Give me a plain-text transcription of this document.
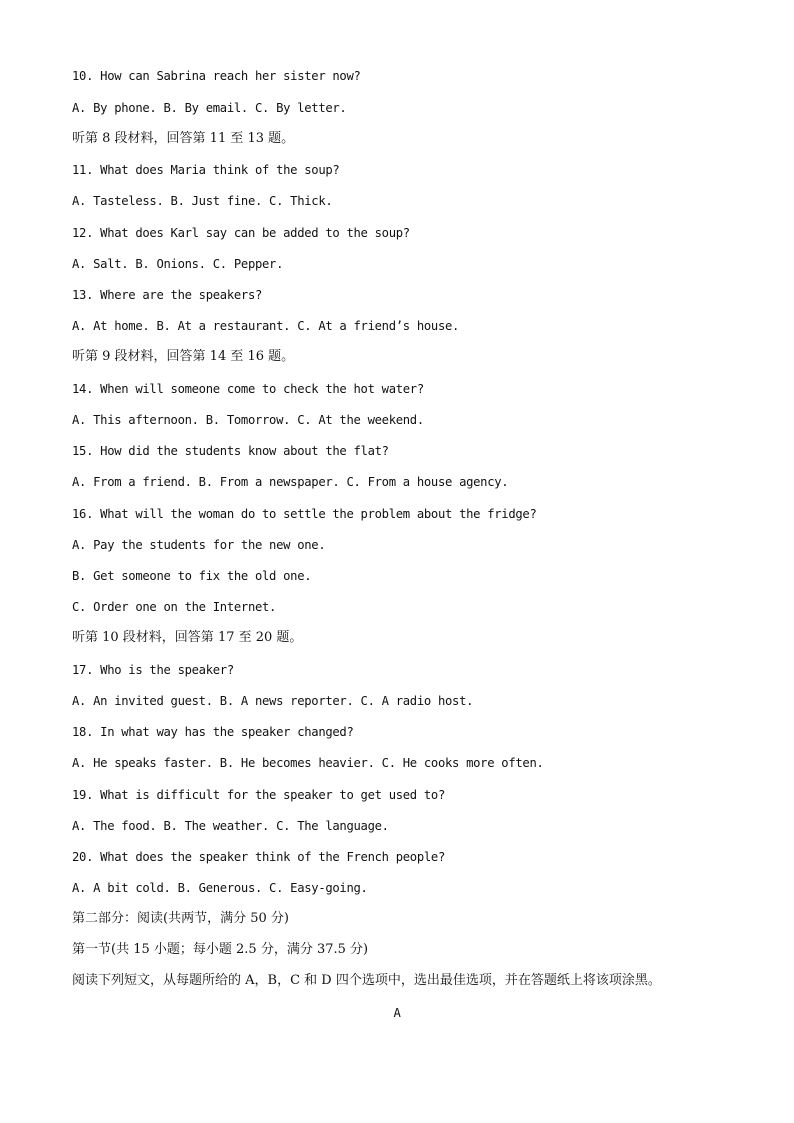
10. How can Sabrina reach her sister now?
A. By phone. B. By email. C. By letter.
听第 8 段材料，回答第 11 至 13 题。
11. What does Maria think of the soup?
A. Tasteless. B. Just fine. C. Thick.
12. What does Karl say can be added to the soup?
A. Salt. B. Onions. C. Pepper.
13. Where are the speakers?
A. At home. B. At a restaurant. C. At a friend’s house.
听第 9 段材料，回答第 14 至 16 题。
14. When will someone come to check the hot water?
A. This afternoon. B. Tomorrow. C. At the weekend.
15. How did the students know about the flat?
A. From a friend. B. From a newspaper. C. From a house agency.
16. What will the woman do to settle the problem about the fridge?
A. Pay the students for the new one.
B. Get someone to fix the old one.
C. Order one on the Internet.
听第 10 段材料，回答第 17 至 20 题。
17. Who is the speaker?
A. An invited guest. B. A news reporter. C. A radio host.
18. In what way has the speaker changed?
A. He speaks faster. B. He becomes heavier. C. He cooks more often.
19. What is difficult for the speaker to get used to?
A. The food. B. The weather. C. The language.
20. What does the speaker think of the French people?
A. A bit cold. B. Generous. C. Easy-going.
第二部分：阅读(共两节，满分 50 分)
第一节(共 15 小题；每小题 2.5 分，满分 37.5 分)
阅读下列短文，从每题所给的 A，B，C 和 D 四个选项中，选出最佳选项，并在答题纸上将该项涂黑。
A
